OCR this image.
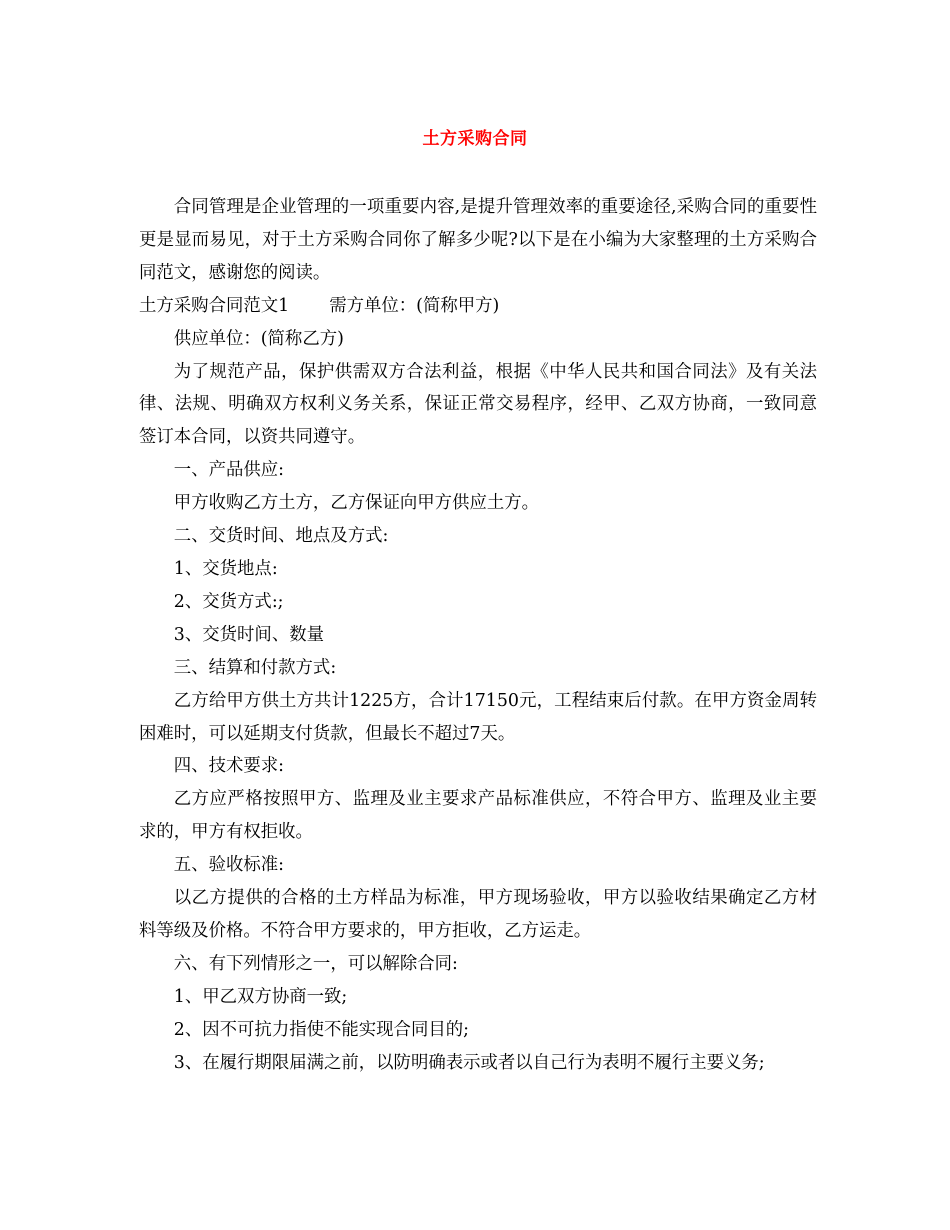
土方采购合同

合同管理是企业管理的一项重要内容,是提升管理效率的重要途径,采购合同的重要性更是显而易见，对于土方采购合同你了解多少呢?以下是在小编为大家整理的土方采购合同范文，感谢您的阅读。

土方采购合同范文1 需方单位：(简称甲方)

供应单位：(简称乙方)

为了规范产品，保护供需双方合法利益，根据《中华人民共和国合同法》及有关法律、法规、明确双方权利义务关系，保证正常交易程序，经甲、乙双方协商，一致同意签订本合同，以资共同遵守。

一、产品供应:

甲方收购乙方土方，乙方保证向甲方供应土方。

二、交货时间、地点及方式:

1、交货地点:

2、交货方式:;

3、交货时间、数量

三、结算和付款方式:

乙方给甲方供土方共计1225方，合计17150元，工程结束后付款。在甲方资金周转困难时，可以延期支付货款，但最长不超过7天。

四、技术要求:

乙方应严格按照甲方、监理及业主要求产品标准供应，不符合甲方、监理及业主要求的，甲方有权拒收。

五、验收标准:

以乙方提供的合格的土方样品为标准，甲方现场验收，甲方以验收结果确定乙方材料等级及价格。不符合甲方要求的，甲方拒收，乙方运走。

六、有下列情形之一，可以解除合同:

1、甲乙双方协商一致;

2、因不可抗力指使不能实现合同目的;

3、在履行期限届满之前，以防明确表示或者以自己行为表明不履行主要义务;
